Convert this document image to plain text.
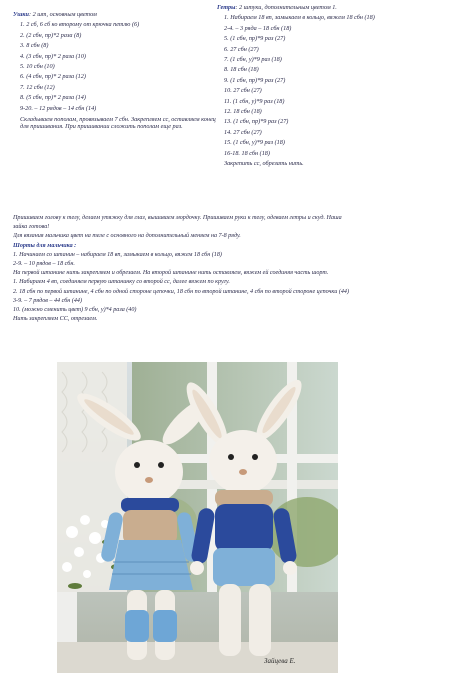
Ушки: 2 шт, основным цветом
1. 2 сб, 6 сб ко второму от крючка петлю (6)
2. (2 сбн, пр)*2 раза (8)
3. 8 сбн (8)
4. (3 сбн, пр)* 2 раза (10)
5. 10 сбн (10)
6. (4 сбн, пр)* 2 раза (12)
7. 12 сбн (12)
8. (5 сбн, пр)* 2 раза (14)
9-20. – 12 рядов – 14 сбн (14)
Складываем пополам, провязываем 7 сбн. Закрепляем сс, оставляем конец для пришивания. При пришивании сложить пополам еще раз.
Гетры: 2 штуки, дополнительным цветом 1.
1. Набираем 18 вп, замыкаем в кольцо, вяжем 18 сбн (18)
2-4. – 3 ряда – 18 сбн (18)
5. (1 сбн, пр)*9 раз (27)
6. 27 сбн (27)
7. (1 сбн, у)*9 раз (18)
8. 18 сбн (18)
9. (1 сбн, пр)*9 раз (27)
10. 27 сбн (27)
11. (1 сбн, у)*9 раз (18)
12. 18 сбн (18)
13. (1 сбн, пр)*9 раз (27)
14. 27 сбн (27)
15. (1 сбн, у)*9 раз (18)
16-18. 18 сбн (18)
Закрепить сс, обрезать нить.
Пришиваем голову к телу, делаем утяжку для глаз, вышиваем мордочку. Пришиваем руки к телу, одеваем гетры и скуд. Наша
зайка готова!
Для вязания мальчика цвет на теле с основного на дополнительный меняем на 7-8 ряду.
Шорты для мальчика :
1. Начинаем со штанин – набираем 18 вп, замыкаем в кольцо, вяжем 18 сбн (18)
2-9. – 10 рядов – 18 сбн.
На первой штанине нить закрепляем и обрезаем. На второй штанине нить оставляем, вяжем ей соединяя часть шорт.
1. Набираем 4 вп, соединяем первую штанинку со второй сс, далее вяжем по кругу.
2. 18 сбн по первой штанине, 4 сбн по одной стороне цепочки, 18 сбн по второй штанине, 4 сбн по второй стороне цепочки (44)
3-9. – 7 рядов – 44 сбн (44)
10. (можно сменить цвет) 9 сбн, у)*4 раза (40)
Нить закрепляем СС, отрезаем.
Зайцева Е.
